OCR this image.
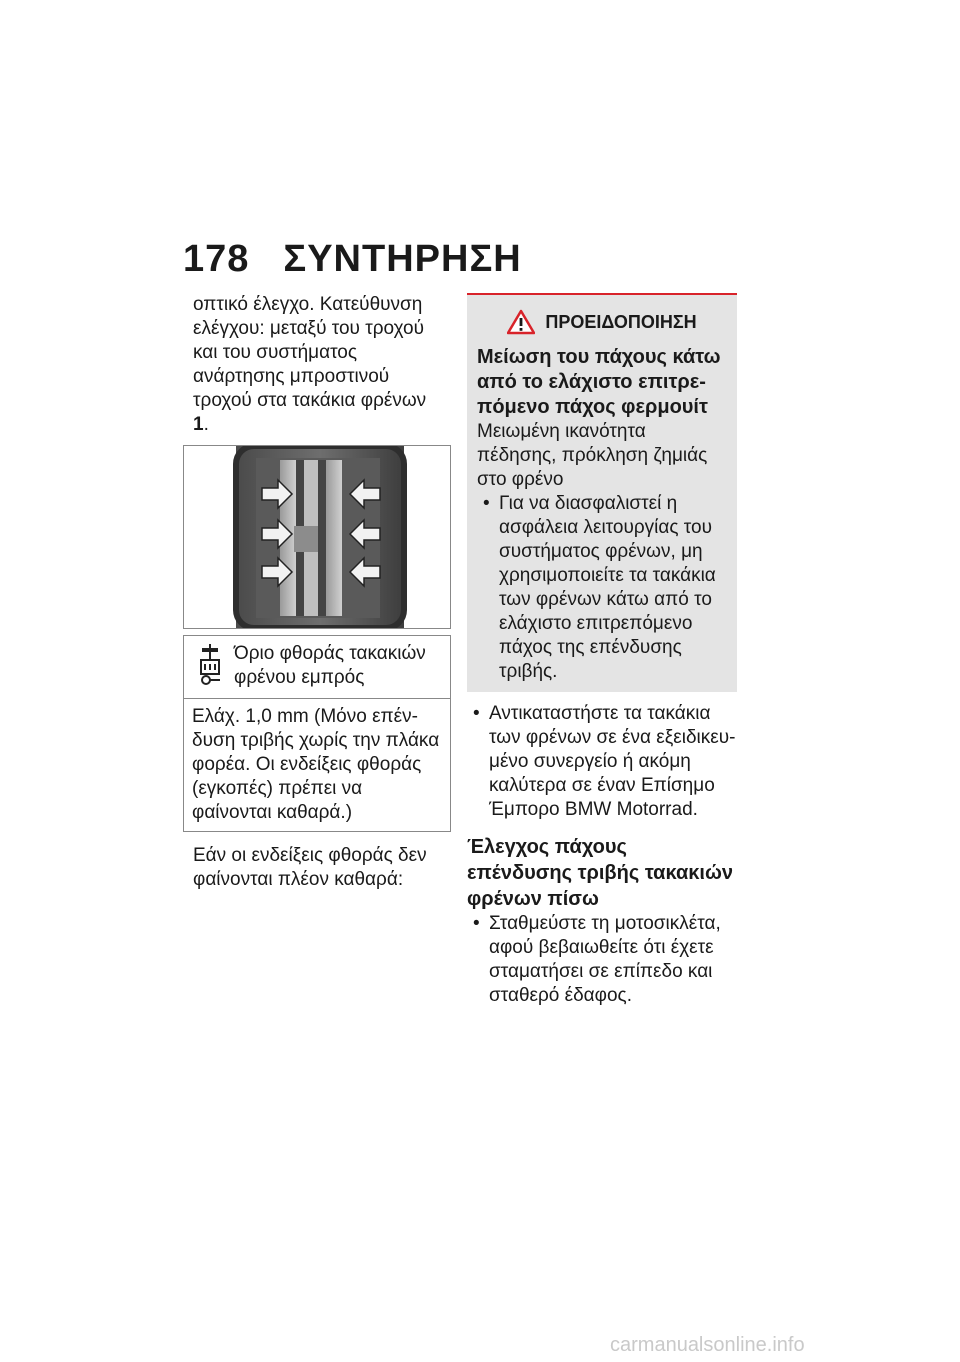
178 ΣΥΝΤΗΡΗΣΗ

οπτικό έλεγχο. Κατεύθυνση ελέγχου: μεταξύ του τροχού και του συστήματος ανάρτησης μπροστινού τροχού στα τακάκια φρένων 1.

Όριο φθοράς τακακιών φρένου εμπρός
Ελάχ. 1,0 mm (Μόνο επένδυση τριβής χωρίς την πλάκα φορέα. Οι ενδείξεις φθοράς (εγκοπές) πρέπει να φαίνονται καθαρά.)

Εάν οι ενδείξεις φθοράς δεν φαίνονται πλέον καθαρά:

ΠΡΟΕΙΔΟΠΟΙΗΣΗ

Μείωση του πάχους κάτω από το ελάχιστο επιτρεπόμενο πάχος φερμουίτ

Μειωμένη ικανότητα πέδησης, πρόκληση ζημιάς στο φρένο

• Για να διασφαλιστεί η ασφάλεια λειτουργίας του συστήματος φρένων, μη χρησιμοποιείτε τα τακάκια των φρένων κάτω από το ελάχιστο επιτρεπόμενο πάχος της επένδυσης τριβής.

• Αντικαταστήστε τα τακάκια των φρένων σε ένα εξειδικευμένο συνεργείο ή ακόμη καλύτερα σε έναν Επίσημο Έμπορο BMW Motorrad.

Έλεγχος πάχους επένδυσης τριβής τακακιών φρένων πίσω

• Σταθμεύστε τη μοτοσικλέτα, αφού βεβαιωθείτε ότι έχετε σταματήσει σε επίπεδο και σταθερό έδαφος.

carmanualsonline.info
